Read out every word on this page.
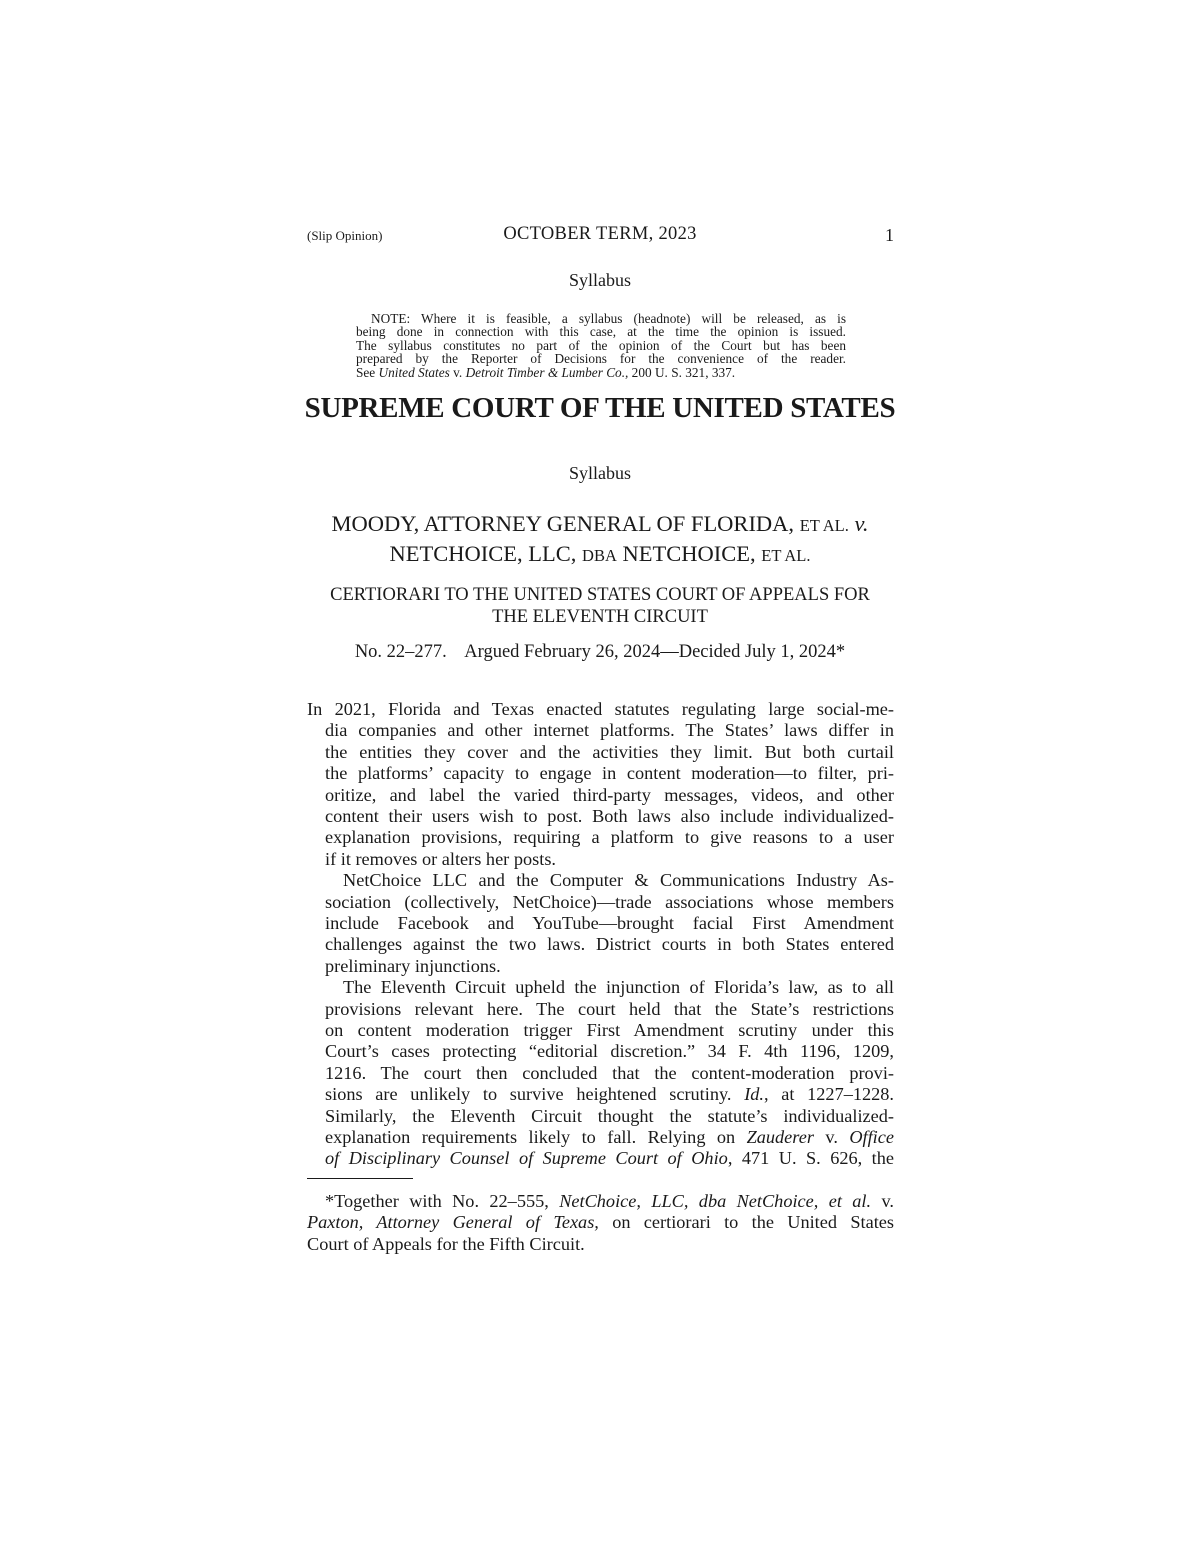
(Slip Opinion)	OCTOBER TERM, 2023	1
Syllabus
NOTE: Where it is feasible, a syllabus (headnote) will be released, as is
being done in connection with this case, at the time the opinion is issued.
The syllabus constitutes no part of the opinion of the Court but has been
prepared by the Reporter of Decisions for the convenience of the reader.
See United States v. Detroit Timber & Lumber Co., 200 U. S. 321, 337.
SUPREME COURT OF THE UNITED STATES
Syllabus
MOODY, ATTORNEY GENERAL OF FLORIDA, ET AL. v.
NETCHOICE, LLC, DBA NETCHOICE, ET AL.
CERTIORARI TO THE UNITED STATES COURT OF APPEALS FOR
THE ELEVENTH CIRCUIT
No. 22–277.    Argued February 26, 2024—Decided July 1, 2024*
In 2021, Florida and Texas enacted statutes regulating large social-me-
dia companies and other internet platforms. The States’ laws differ in
the entities they cover and the activities they limit. But both curtail
the platforms’ capacity to engage in content moderation—to filter, pri-
oritize, and label the varied third-party messages, videos, and other
content their users wish to post. Both laws also include individualized-
explanation provisions, requiring a platform to give reasons to a user
if it removes or alters her posts.
NetChoice LLC and the Computer & Communications Industry As-
sociation (collectively, NetChoice)—trade associations whose members
include Facebook and YouTube—brought facial First Amendment
challenges against the two laws. District courts in both States entered
preliminary injunctions.
The Eleventh Circuit upheld the injunction of Florida’s law, as to all
provisions relevant here. The court held that the State’s restrictions
on content moderation trigger First Amendment scrutiny under this
Court’s cases protecting “editorial discretion.” 34 F. 4th 1196, 1209,
1216. The court then concluded that the content-moderation provi-
sions are unlikely to survive heightened scrutiny. Id., at 1227–1228.
Similarly, the Eleventh Circuit thought the statute’s individualized-
explanation requirements likely to fall. Relying on Zauderer v. Office
of Disciplinary Counsel of Supreme Court of Ohio, 471 U. S. 626, the
*Together with No. 22–555, NetChoice, LLC, dba NetChoice, et al. v.
Paxton, Attorney General of Texas, on certiorari to the United States
Court of Appeals for the Fifth Circuit.
